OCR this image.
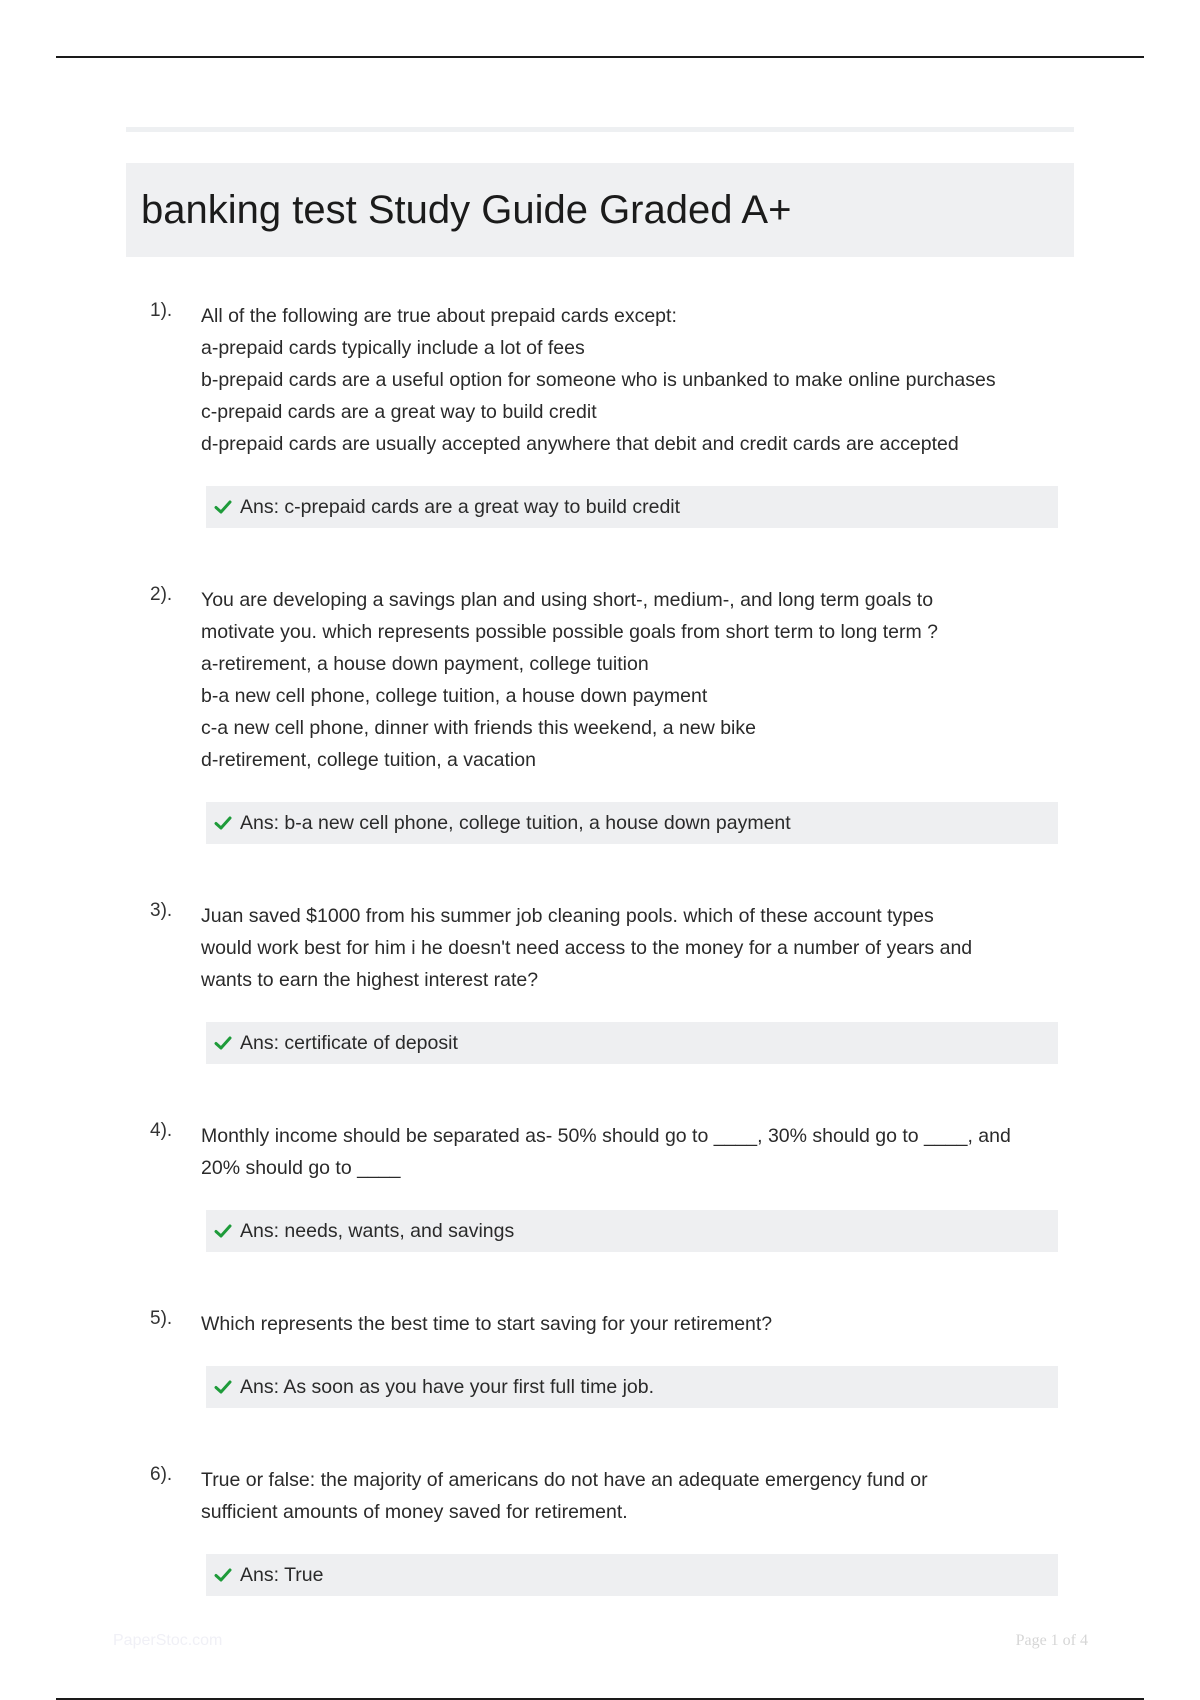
banking test Study Guide Graded A+
1). All of the following are true about prepaid cards except:
a-prepaid cards typically include a lot of fees
b-prepaid cards are a useful option for someone who is unbanked to make online purchases
c-prepaid cards are a great way to build credit
d-prepaid cards are usually accepted anywhere that debit and credit cards are accepted
Ans: c-prepaid cards are a great way to build credit
2). You are developing a savings plan and using short-, medium-, and long term goals to
motivate you. which represents possible possible goals from short term to long term ?
a-retirement, a house down payment, college tuition
b-a new cell phone, college tuition, a house down payment
c-a new cell phone, dinner with friends this weekend, a new bike
d-retirement, college tuition, a vacation
Ans: b-a new cell phone, college tuition, a house down payment
3). Juan saved $1000 from his summer job cleaning pools. which of these account types
would work best for him i he doesn't need access to the money for a number of years and
wants to earn the highest interest rate?
Ans: certificate of deposit
4). Monthly income should be separated as- 50% should go to ____, 30% should go to ____, and
20% should go to ____
Ans: needs, wants, and savings
5). Which represents the best time to start saving for your retirement?
Ans: As soon as you have your first full time job.
6). True or false: the majority of americans do not have an adequate emergency fund or
sufficient amounts of money saved for retirement.
Ans: True
PaperStoc.com	Page 1 of 4
